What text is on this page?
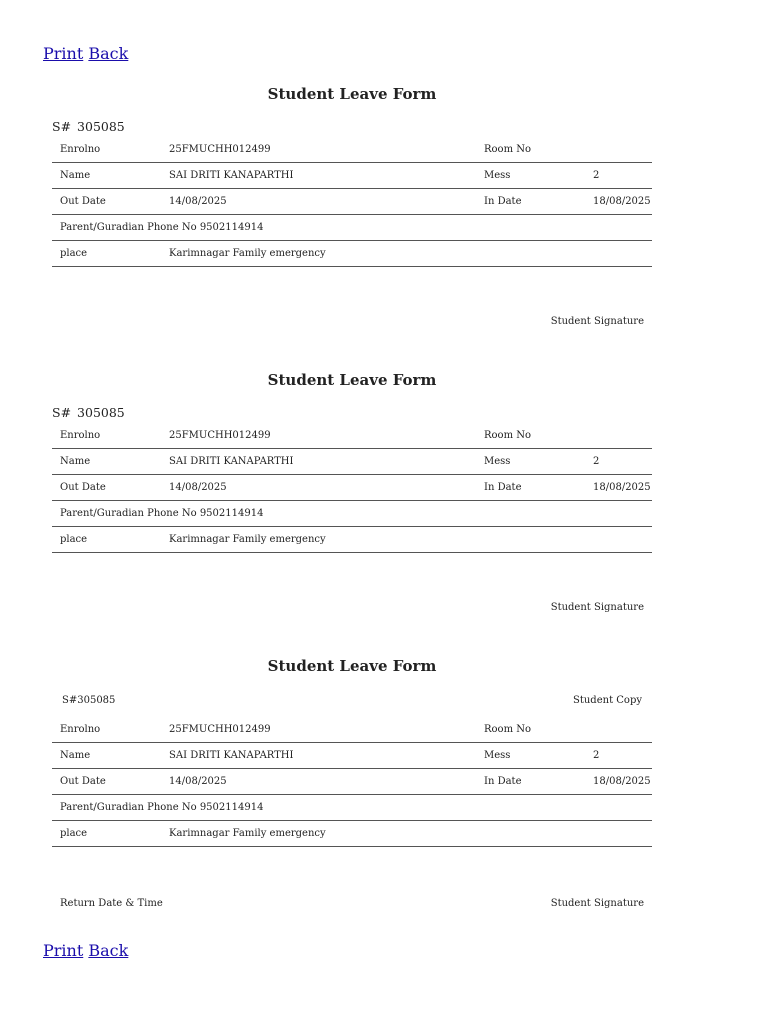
Print Back
Student Leave Form
S# 305085
Enrolno	25FMUCHH012499	Room No	
Name	SAI DRITI KANAPARTHI	Mess	2
Out Date	14/08/2025	In Date	18/08/2025
Parent/Guradian Phone No 9502114914			
place	Karimnagar Family emergency		
Student Signature
Student Leave Form
S# 305085
Enrolno	25FMUCHH012499	Room No	
Name	SAI DRITI KANAPARTHI	Mess	2
Out Date	14/08/2025	In Date	18/08/2025
Parent/Guradian Phone No 9502114914			
place	Karimnagar Family emergency		
Student Signature
Student Leave Form
S#305085	Student Copy
Enrolno	25FMUCHH012499	Room No	
Name	SAI DRITI KANAPARTHI	Mess	2
Out Date	14/08/2025	In Date	18/08/2025
Parent/Guradian Phone No 9502114914			
place	Karimnagar Family emergency		
Return Date & Time	Student Signature
Print Back
